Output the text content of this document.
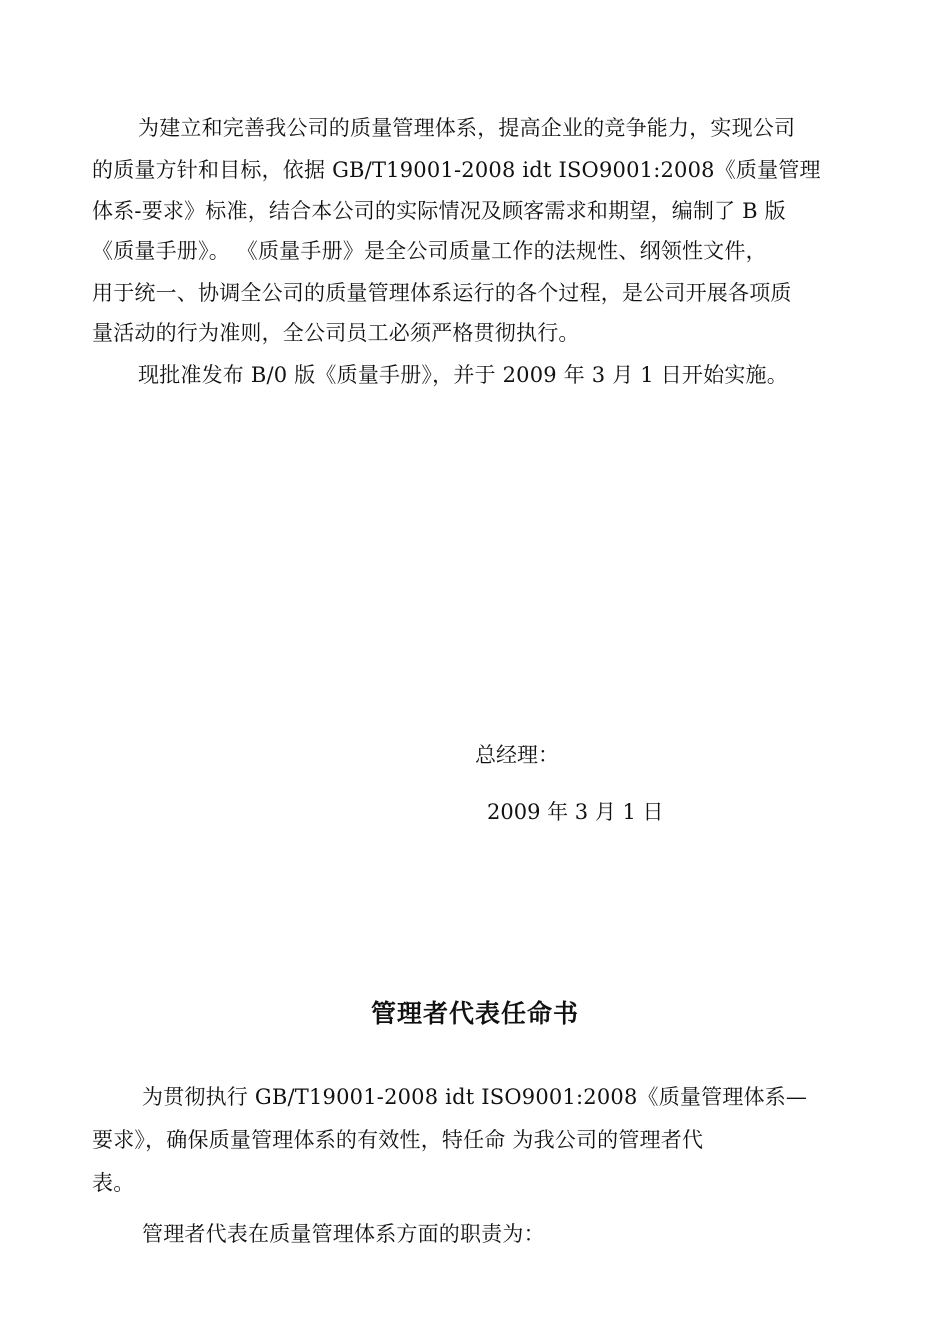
为建立和完善我公司的质量管理体系，提高企业的竞争能力，实现公司
的质量方针和目标，依据 GB/T19001-2008 idt ISO9001:2008《质量管理
体系-要求》标准，结合本公司的实际情况及顾客需求和期望，编制了 B 版
《质量手册》。 《质量手册》是全公司质量工作的法规性、纲领性文件，
用于统一、协调全公司的质量管理体系运行的各个过程，是公司开展各项质
量活动的行为准则，全公司员工必须严格贯彻执行。
现批准发布 B/0 版《质量手册》，并于 2009 年 3 月 1 日开始实施。
总经理：
2009 年 3 月 1 日
管理者代表任命书
为贯彻执行 GB/T19001-2008 idt ISO9001:2008《质量管理体系—
要求》，确保质量管理体系的有效性，特任命 为我公司的管理者代
表。
管理者代表在质量管理体系方面的职责为：
